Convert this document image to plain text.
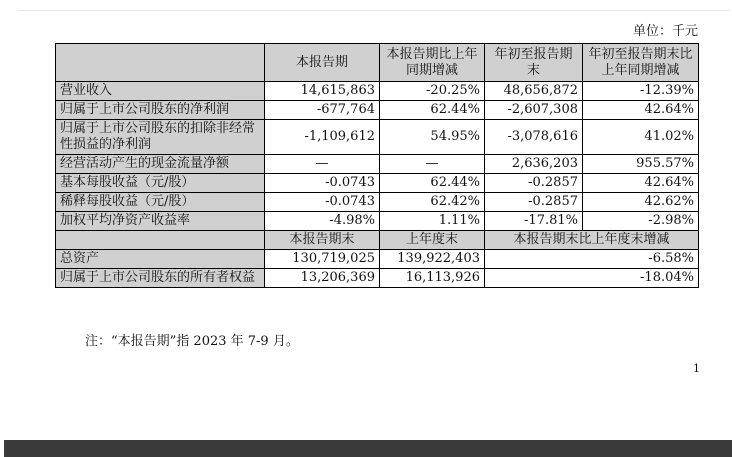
单位：千元
	本报告期	本报告期比上年同期增减	年初至报告期末	年初至报告期末比上年同期增减
营业收入	14,615,863	-20.25%	48,656,872	-12.39%
归属于上市公司股东的净利润	-677,764	62.44%	-2,607,308	42.64%
归属于上市公司股东的扣除非经常性损益的净利润	-1,109,612	54.95%	-3,078,616	41.02%
经营活动产生的现金流量净额	—	—	2,636,203	955.57%
基本每股收益（元/股）	-0.0743	62.44%	-0.2857	42.64%
稀释每股收益（元/股）	-0.0743	62.42%	-0.2857	42.62%
加权平均净资产收益率	-4.98%	1.11%	-17.81%	-2.98%
	本报告期末	上年度末	本报告期末比上年度末增减	
总资产	130,719,025	139,922,403	-6.58%	
归属于上市公司股东的所有者权益	13,206,369	16,113,926	-18.04%	
注：“本报告期”指 2023 年 7-9 月。
1
